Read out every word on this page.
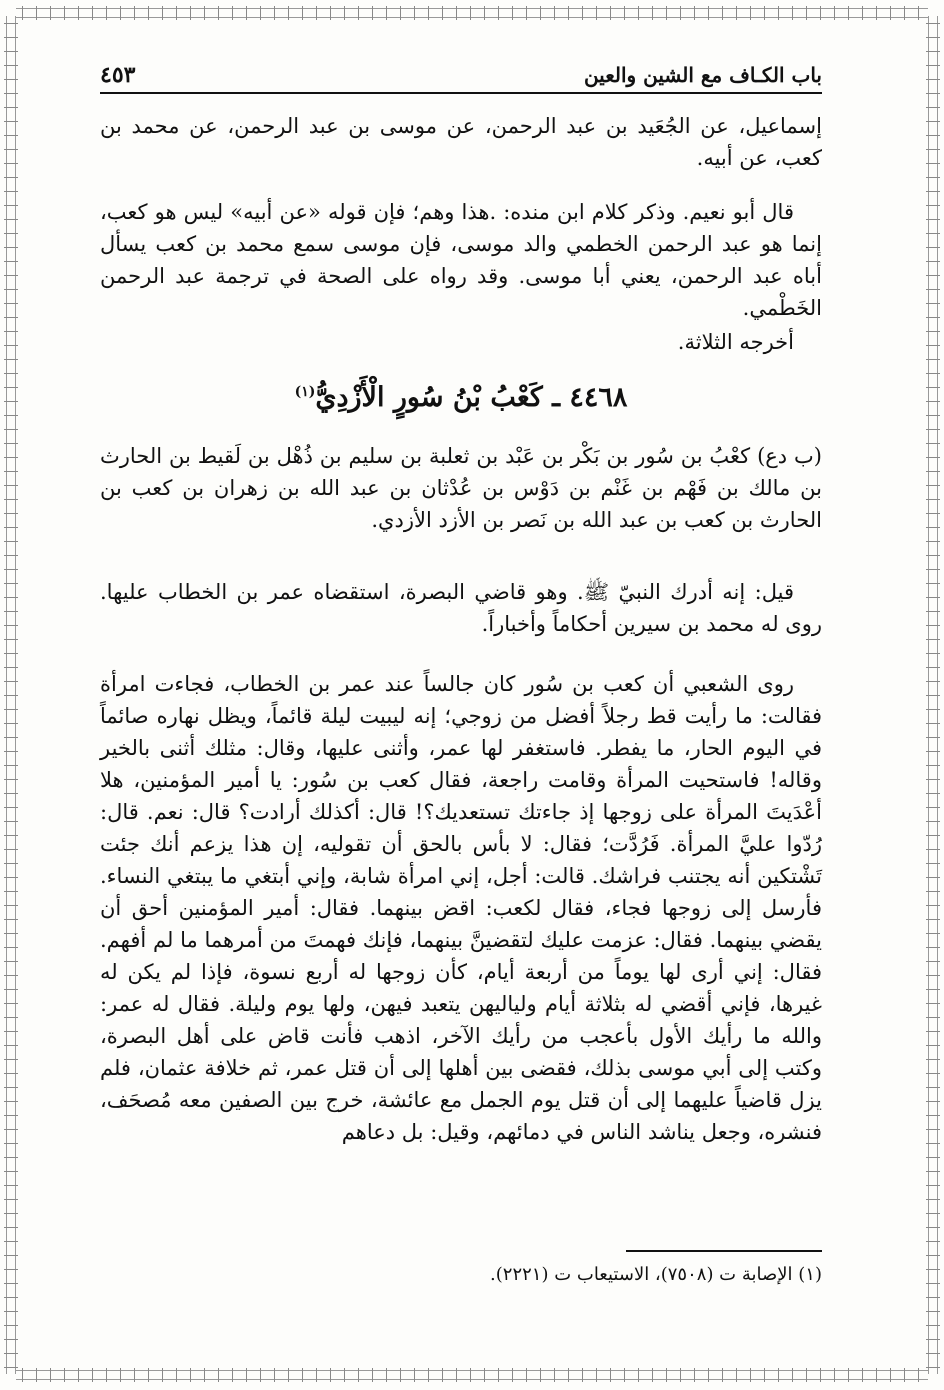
باب الكـاف مع الشين والعين
٤٥٣
إسماعيل، عن الجُعَيد بن عبد الرحمن، عن موسى بن عبد الرحمن، عن محمد بن كعب، عن أبيه.
قال أبو نعيم. وذكر كلام ابن منده: .هذا وهم؛ فإن قوله «عن أبيه» ليس هو كعب، إنما هو عبد الرحمن الخطمي والد موسى، فإن موسى سمع محمد بن كعب يسأل أباه عبد الرحمن، يعني أبا موسى. وقد رواه على الصحة في ترجمة عبد الرحمن الخَطْمي.
أخرجه الثلاثة.
٤٤٦٨ ـ كَعْبُ بْنُ سُورٍ الْأَزْدِيُّ$^{(١)}$
(ب دع) كعْبُ بن سُور بن بَكْر بن عَبْد بن ثعلبة بن سليم بن ذُهْل بن لَقيط بن الحارث بن مالك بن فَهْم بن غَنْم بن دَوْس بن عُدْثان بن عبد الله بن زهران بن كعب بن الحارث بن كعب بن عبد الله بن نَصر بن الأزد الأزدي.
قيل: إنه أدرك النبيّ ﷺ. وهو قاضي البصرة، استقضاه عمر بن الخطاب عليها. روى له محمد بن سيرين أحكاماً وأخباراً.
روى الشعبي أن كعب بن سُور كان جالساً عند عمر بن الخطاب، فجاءت امرأة فقالت: ما رأيت قط رجلاً أفضل من زوجي؛ إنه ليبيت ليلة قائماً، ويظل نهاره صائماً في اليوم الحار، ما يفطر. فاستغفر لها عمر، وأثنى عليها، وقال: مثلك أثنى بالخير وقاله! فاستحيت المرأة وقامت راجعة، فقال كعب بن سُور: يا أمير المؤمنين، هلا أعْدَيتَ المرأة على زوجها إذ جاءتك تستعديك؟! قال: أكذلك أرادت؟ قال: نعم. قال: رُدّوا عليَّ المرأة. فَرُدَّت؛ فقال: لا بأس بالحق أن تقوليه، إن هذا يزعم أنك جئت تَشْتكين أنه يجتنب فراشك. قالت: أجل، إني امرأة شابة، وإني أبتغي ما يبتغي النساء. فأرسل إلى زوجها فجاء، فقال لكعب: اقض بينهما. فقال: أمير المؤمنين أحق أن يقضي بينهما. فقال: عزمت عليك لتقضينَّ بينهما، فإنك فهمتَ من أمرهما ما لم أفهم. فقال: إني أرى لها يوماً من أربعة أيام، كأن زوجها له أربع نسوة، فإذا لم يكن له غيرها، فإني أقضي له بثلاثة أيام ولياليهن يتعبد فيهن، ولها يوم وليلة. فقال له عمر: والله ما رأيك الأول بأعجب من رأيك الآخر، اذهب فأنت قاض على أهل البصرة، وكتب إلى أبي موسى بذلك، فقضى بين أهلها إلى أن قتل عمر، ثم خلافة عثمان، فلم يزل قاضياً عليهما إلى أن قتل يوم الجمل مع عائشة، خرج بين الصفين معه مُصحَف، فنشره، وجعل يناشد الناس في دمائهم، وقيل: بل دعاهم
(١) الإصابة ت (٧٥٠٨)، الاستيعاب ت (٢٢٢١).
